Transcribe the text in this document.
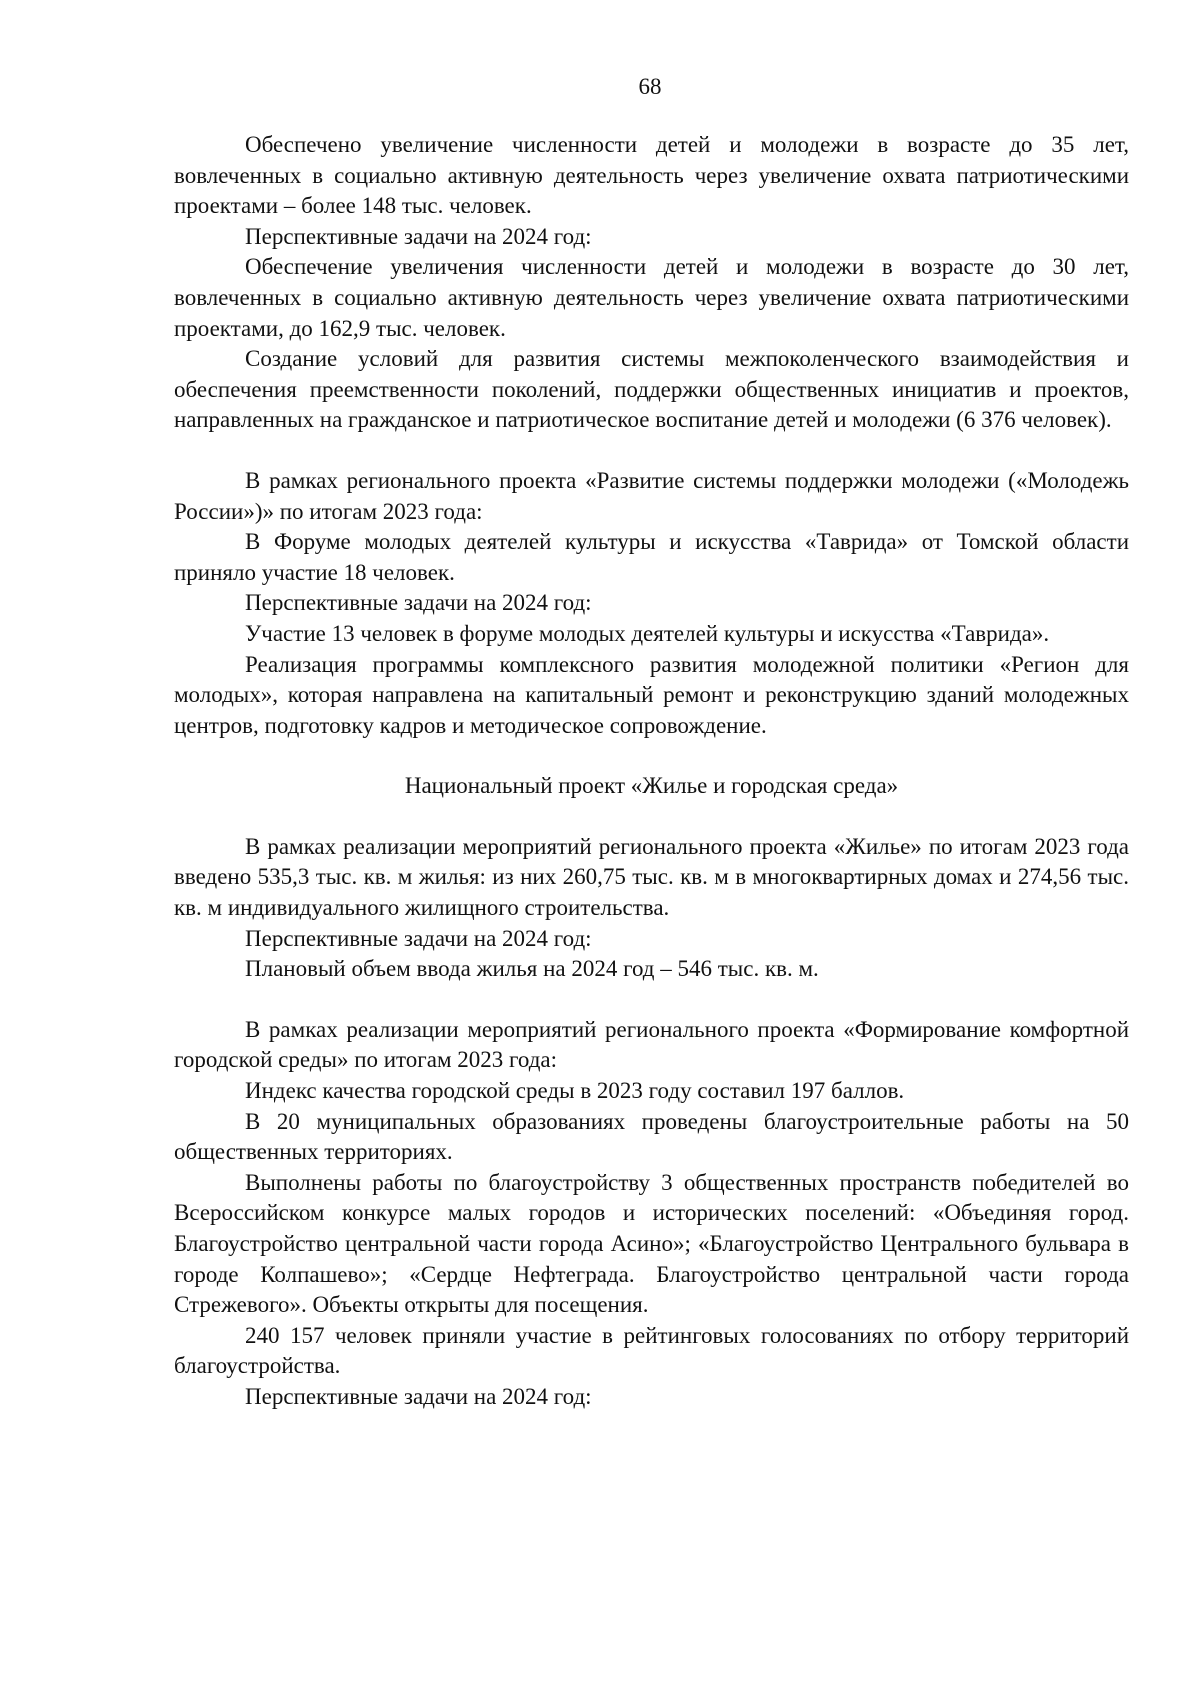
68

Обеспечено увеличение численности детей и молодежи в возрасте до 35 лет, вовлеченных в социально активную деятельность через увеличение охвата патриотическими проектами – более 148 тыс. человек.

Перспективные задачи на 2024 год:

Обеспечение увеличения численности детей и молодежи в возрасте до 30 лет, вовлеченных в социально активную деятельность через увеличение охвата патриотическими проектами, до 162,9 тыс. человек.

Создание условий для развития системы межпоколенческого взаимодействия и обеспечения преемственности поколений, поддержки общественных инициатив и проектов, направленных на гражданское и патриотическое воспитание детей и молодежи (6 376 человек).

В рамках регионального проекта «Развитие системы поддержки молодежи («Молодежь России»)» по итогам 2023 года:

В Форуме молодых деятелей культуры и искусства «Таврида» от Томской области приняло участие 18 человек.

Перспективные задачи на 2024 год:

Участие 13 человек в форуме молодых деятелей культуры и искусства «Таврида».

Реализация программы комплексного развития молодежной политики «Регион для молодых», которая направлена на капитальный ремонт и реконструкцию зданий молодежных центров, подготовку кадров и методическое сопровождение.

Национальный проект «Жилье и городская среда»

В рамках реализации мероприятий регионального проекта «Жилье» по итогам 2023 года введено 535,3 тыс. кв. м жилья: из них 260,75 тыс. кв. м в многоквартирных домах и 274,56 тыс. кв. м индивидуального жилищного строительства.

Перспективные задачи на 2024 год:

Плановый объем ввода жилья на 2024 год – 546 тыс. кв. м.

В рамках реализации мероприятий регионального проекта «Формирование комфортной городской среды» по итогам 2023 года:

Индекс качества городской среды в 2023 году составил 197 баллов.

В 20 муниципальных образованиях проведены благоустроительные работы на 50 общественных территориях.

Выполнены работы по благоустройству 3 общественных пространств победителей во Всероссийском конкурсе малых городов и исторических поселений: «Объединяя город. Благоустройство центральной части города Асино»; «Благоустройство Центрального бульвара в городе Колпашево»; «Сердце Нефтеграда. Благоустройство центральной части города Стрежевого». Объекты открыты для посещения.

240 157 человек приняли участие в рейтинговых голосованиях по отбору территорий благоустройства.

Перспективные задачи на 2024 год:
